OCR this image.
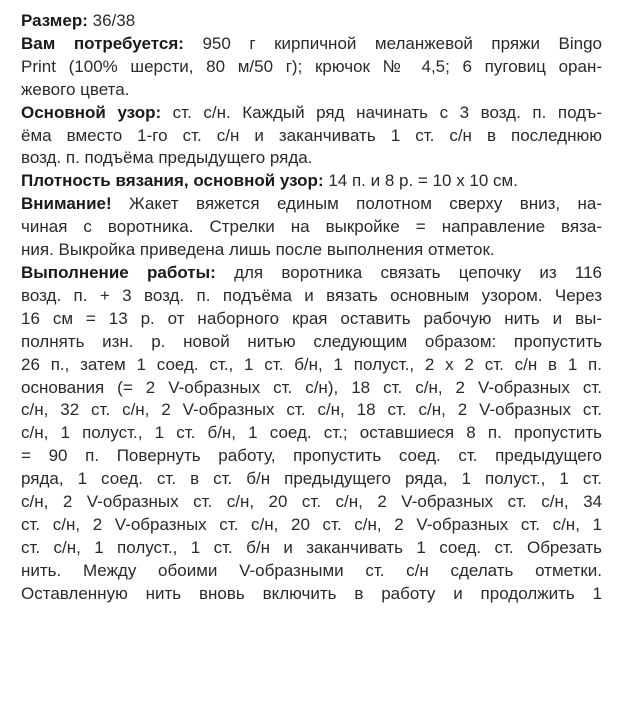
Размер: 36/38
Вам потребуется: 950 г кирпичной меланжевой пряжи Bingo
Print (100% шерсти, 80 м/50 г); крючок № 4,5; 6 пуговиц оран-
жевого цвета.
Основной узор: ст. с/н. Каждый ряд начинать с 3 возд. п. подъ-
ёма вместо 1-го ст. с/н и заканчивать 1 ст. с/н в последнюю
возд. п. подъёма предыдущего ряда.
Плотность вязания, основной узор: 14 п. и 8 р. = 10 х 10 см.
Внимание! Жакет вяжется единым полотном сверху вниз, на-
чиная с воротника. Стрелки на выкройке = направление вяза-
ния. Выкройка приведена лишь после выполнения отметок.
Выполнение работы: для воротника связать цепочку из 116
возд. п. + 3 возд. п. подъёма и вязать основным узором. Через
16 см = 13 р. от наборного края оставить рабочую нить и вы-
полнять изн. р. новой нитью следующим образом: пропустить
26 п., затем 1 соед. ст., 1 ст. б/н, 1 полуст., 2 х 2 ст. с/н в 1 п.
основания (= 2 V-образных ст. с/н), 18 ст. с/н, 2 V-образных ст.
с/н, 32 ст. с/н, 2 V-образных ст. с/н, 18 ст. с/н, 2 V-образных ст.
с/н, 1 полуст., 1 ст. б/н, 1 соед. ст.; оставшиеся 8 п. пропустить
= 90 п. Повернуть работу, пропустить соед. ст. предыдущего
ряда, 1 соед. ст. в ст. б/н предыдущего ряда, 1 полуст., 1 ст.
с/н, 2 V-образных ст. с/н, 20 ст. с/н, 2 V-образных ст. с/н, 34
ст. с/н, 2 V-образных ст. с/н, 20 ст. с/н, 2 V-образных ст. с/н, 1
ст. с/н, 1 полуст., 1 ст. б/н и заканчивать 1 соед. ст. Обрезать
нить. Между обоими V-образными ст. с/н сделать отметки.
Оставленную нить вновь включить в работу и продолжить 1
